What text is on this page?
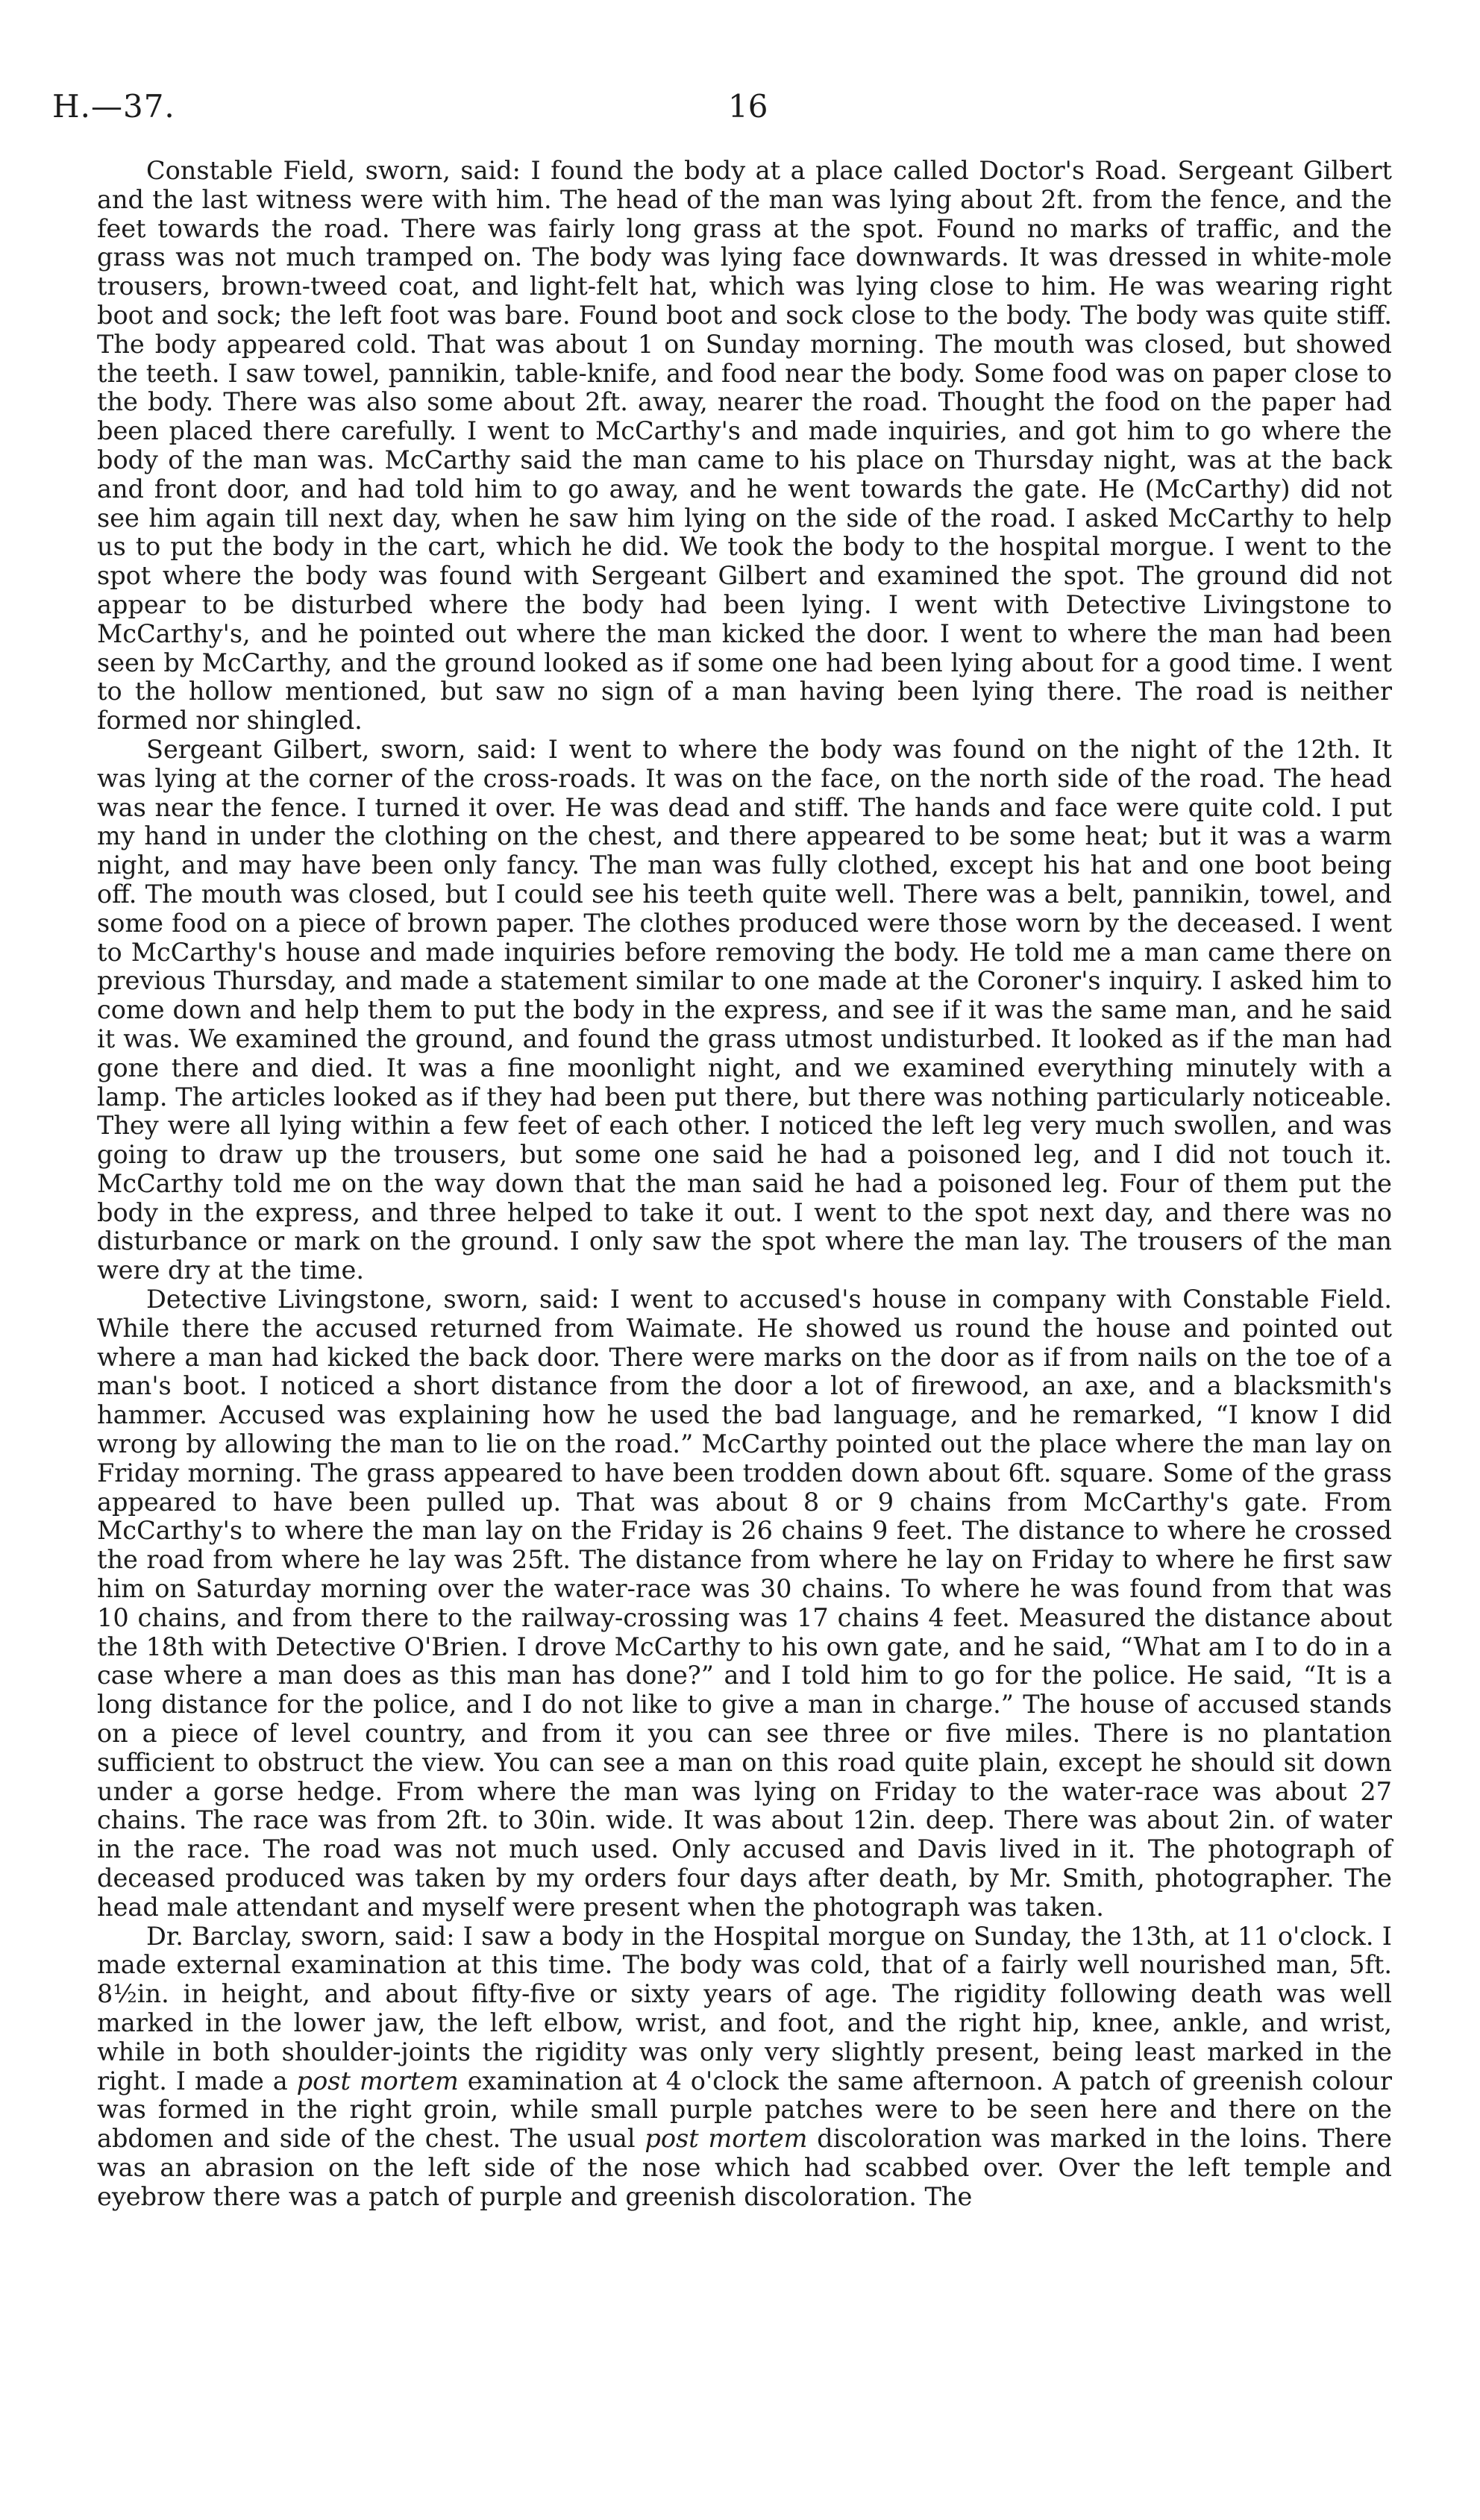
H.—37.	16

Constable Field, sworn, said: I found the body at a place called Doctor's Road. Sergeant Gilbert and the last witness were with him. The head of the man was lying about 2ft. from the fence, and the feet towards the road. There was fairly long grass at the spot. Found no marks of traffic, and the grass was not much tramped on. The body was lying face downwards. It was dressed in white-mole trousers, brown-tweed coat, and light-felt hat, which was lying close to him. He was wearing right boot and sock; the left foot was bare. Found boot and sock close to the body. The body was quite stiff. The body appeared cold. That was about 1 on Sunday morning. The mouth was closed, but showed the teeth. I saw towel, pannikin, table-knife, and food near the body. Some food was on paper close to the body. There was also some about 2ft. away, nearer the road. Thought the food on the paper had been placed there carefully. I went to McCarthy's and made inquiries, and got him to go where the body of the man was. McCarthy said the man came to his place on Thursday night, was at the back and front door, and had told him to go away, and he went towards the gate. He (McCarthy) did not see him again till next day, when he saw him lying on the side of the road. I asked McCarthy to help us to put the body in the cart, which he did. We took the body to the hospital morgue. I went to the spot where the body was found with Sergeant Gilbert and examined the spot. The ground did not appear to be disturbed where the body had been lying. I went with Detective Livingstone to McCarthy's, and he pointed out where the man kicked the door. I went to where the man had been seen by McCarthy, and the ground looked as if some one had been lying about for a good time. I went to the hollow mentioned, but saw no sign of a man having been lying there. The road is neither formed nor shingled.

Sergeant Gilbert, sworn, said: I went to where the body was found on the night of the 12th. It was lying at the corner of the cross-roads. It was on the face, on the north side of the road. The head was near the fence. I turned it over. He was dead and stiff. The hands and face were quite cold. I put my hand in under the clothing on the chest, and there appeared to be some heat; but it was a warm night, and may have been only fancy. The man was fully clothed, except his hat and one boot being off. The mouth was closed, but I could see his teeth quite well. There was a belt, pannikin, towel, and some food on a piece of brown paper. The clothes produced were those worn by the deceased. I went to McCarthy's house and made inquiries before removing the body. He told me a man came there on previous Thursday, and made a statement similar to one made at the Coroner's inquiry. I asked him to come down and help them to put the body in the express, and see if it was the same man, and he said it was. We examined the ground, and found the grass utmost undisturbed. It looked as if the man had gone there and died. It was a fine moonlight night, and we examined everything minutely with a lamp. The articles looked as if they had been put there, but there was nothing particularly noticeable. They were all lying within a few feet of each other. I noticed the left leg very much swollen, and was going to draw up the trousers, but some one said he had a poisoned leg, and I did not touch it. McCarthy told me on the way down that the man said he had a poisoned leg. Four of them put the body in the express, and three helped to take it out. I went to the spot next day, and there was no disturbance or mark on the ground. I only saw the spot where the man lay. The trousers of the man were dry at the time.

Detective Livingstone, sworn, said: I went to accused's house in company with Constable Field. While there the accused returned from Waimate. He showed us round the house and pointed out where a man had kicked the back door. There were marks on the door as if from nails on the toe of a man's boot. I noticed a short distance from the door a lot of firewood, an axe, and a blacksmith's hammer. Accused was explaining how he used the bad language, and he remarked, “I know I did wrong by allowing the man to lie on the road.” McCarthy pointed out the place where the man lay on Friday morning. The grass appeared to have been trodden down about 6ft. square. Some of the grass appeared to have been pulled up. That was about 8 or 9 chains from McCarthy's gate. From McCarthy's to where the man lay on the Friday is 26 chains 9 feet. The distance to where he crossed the road from where he lay was 25ft. The distance from where he lay on Friday to where he first saw him on Saturday morning over the water-race was 30 chains. To where he was found from that was 10 chains, and from there to the railway-crossing was 17 chains 4 feet. Measured the distance about the 18th with Detective O'Brien. I drove McCarthy to his own gate, and he said, “What am I to do in a case where a man does as this man has done?” and I told him to go for the police. He said, “It is a long distance for the police, and I do not like to give a man in charge.” The house of accused stands on a piece of level country, and from it you can see three or five miles. There is no plantation sufficient to obstruct the view. You can see a man on this road quite plain, except he should sit down under a gorse hedge. From where the man was lying on Friday to the water-race was about 27 chains. The race was from 2ft. to 30in. wide. It was about 12in. deep. There was about 2in. of water in the race. The road was not much used. Only accused and Davis lived in it. The photograph of deceased produced was taken by my orders four days after death, by Mr. Smith, photographer. The head male attendant and myself were present when the photograph was taken.

Dr. Barclay, sworn, said: I saw a body in the Hospital morgue on Sunday, the 13th, at 11 o'clock. I made external examination at this time. The body was cold, that of a fairly well nourished man, 5ft. 8½in. in height, and about fifty-five or sixty years of age. The rigidity following death was well marked in the lower jaw, the left elbow, wrist, and foot, and the right hip, knee, ankle, and wrist, while in both shoulder-joints the rigidity was only very slightly present, being least marked in the right. I made a post mortem examination at 4 o'clock the same afternoon. A patch of greenish colour was formed in the right groin, while small purple patches were to be seen here and there on the abdomen and side of the chest. The usual post mortem discoloration was marked in the loins. There was an abrasion on the left side of the nose which had scabbed over. Over the left temple and eyebrow there was a patch of purple and greenish discoloration. The
